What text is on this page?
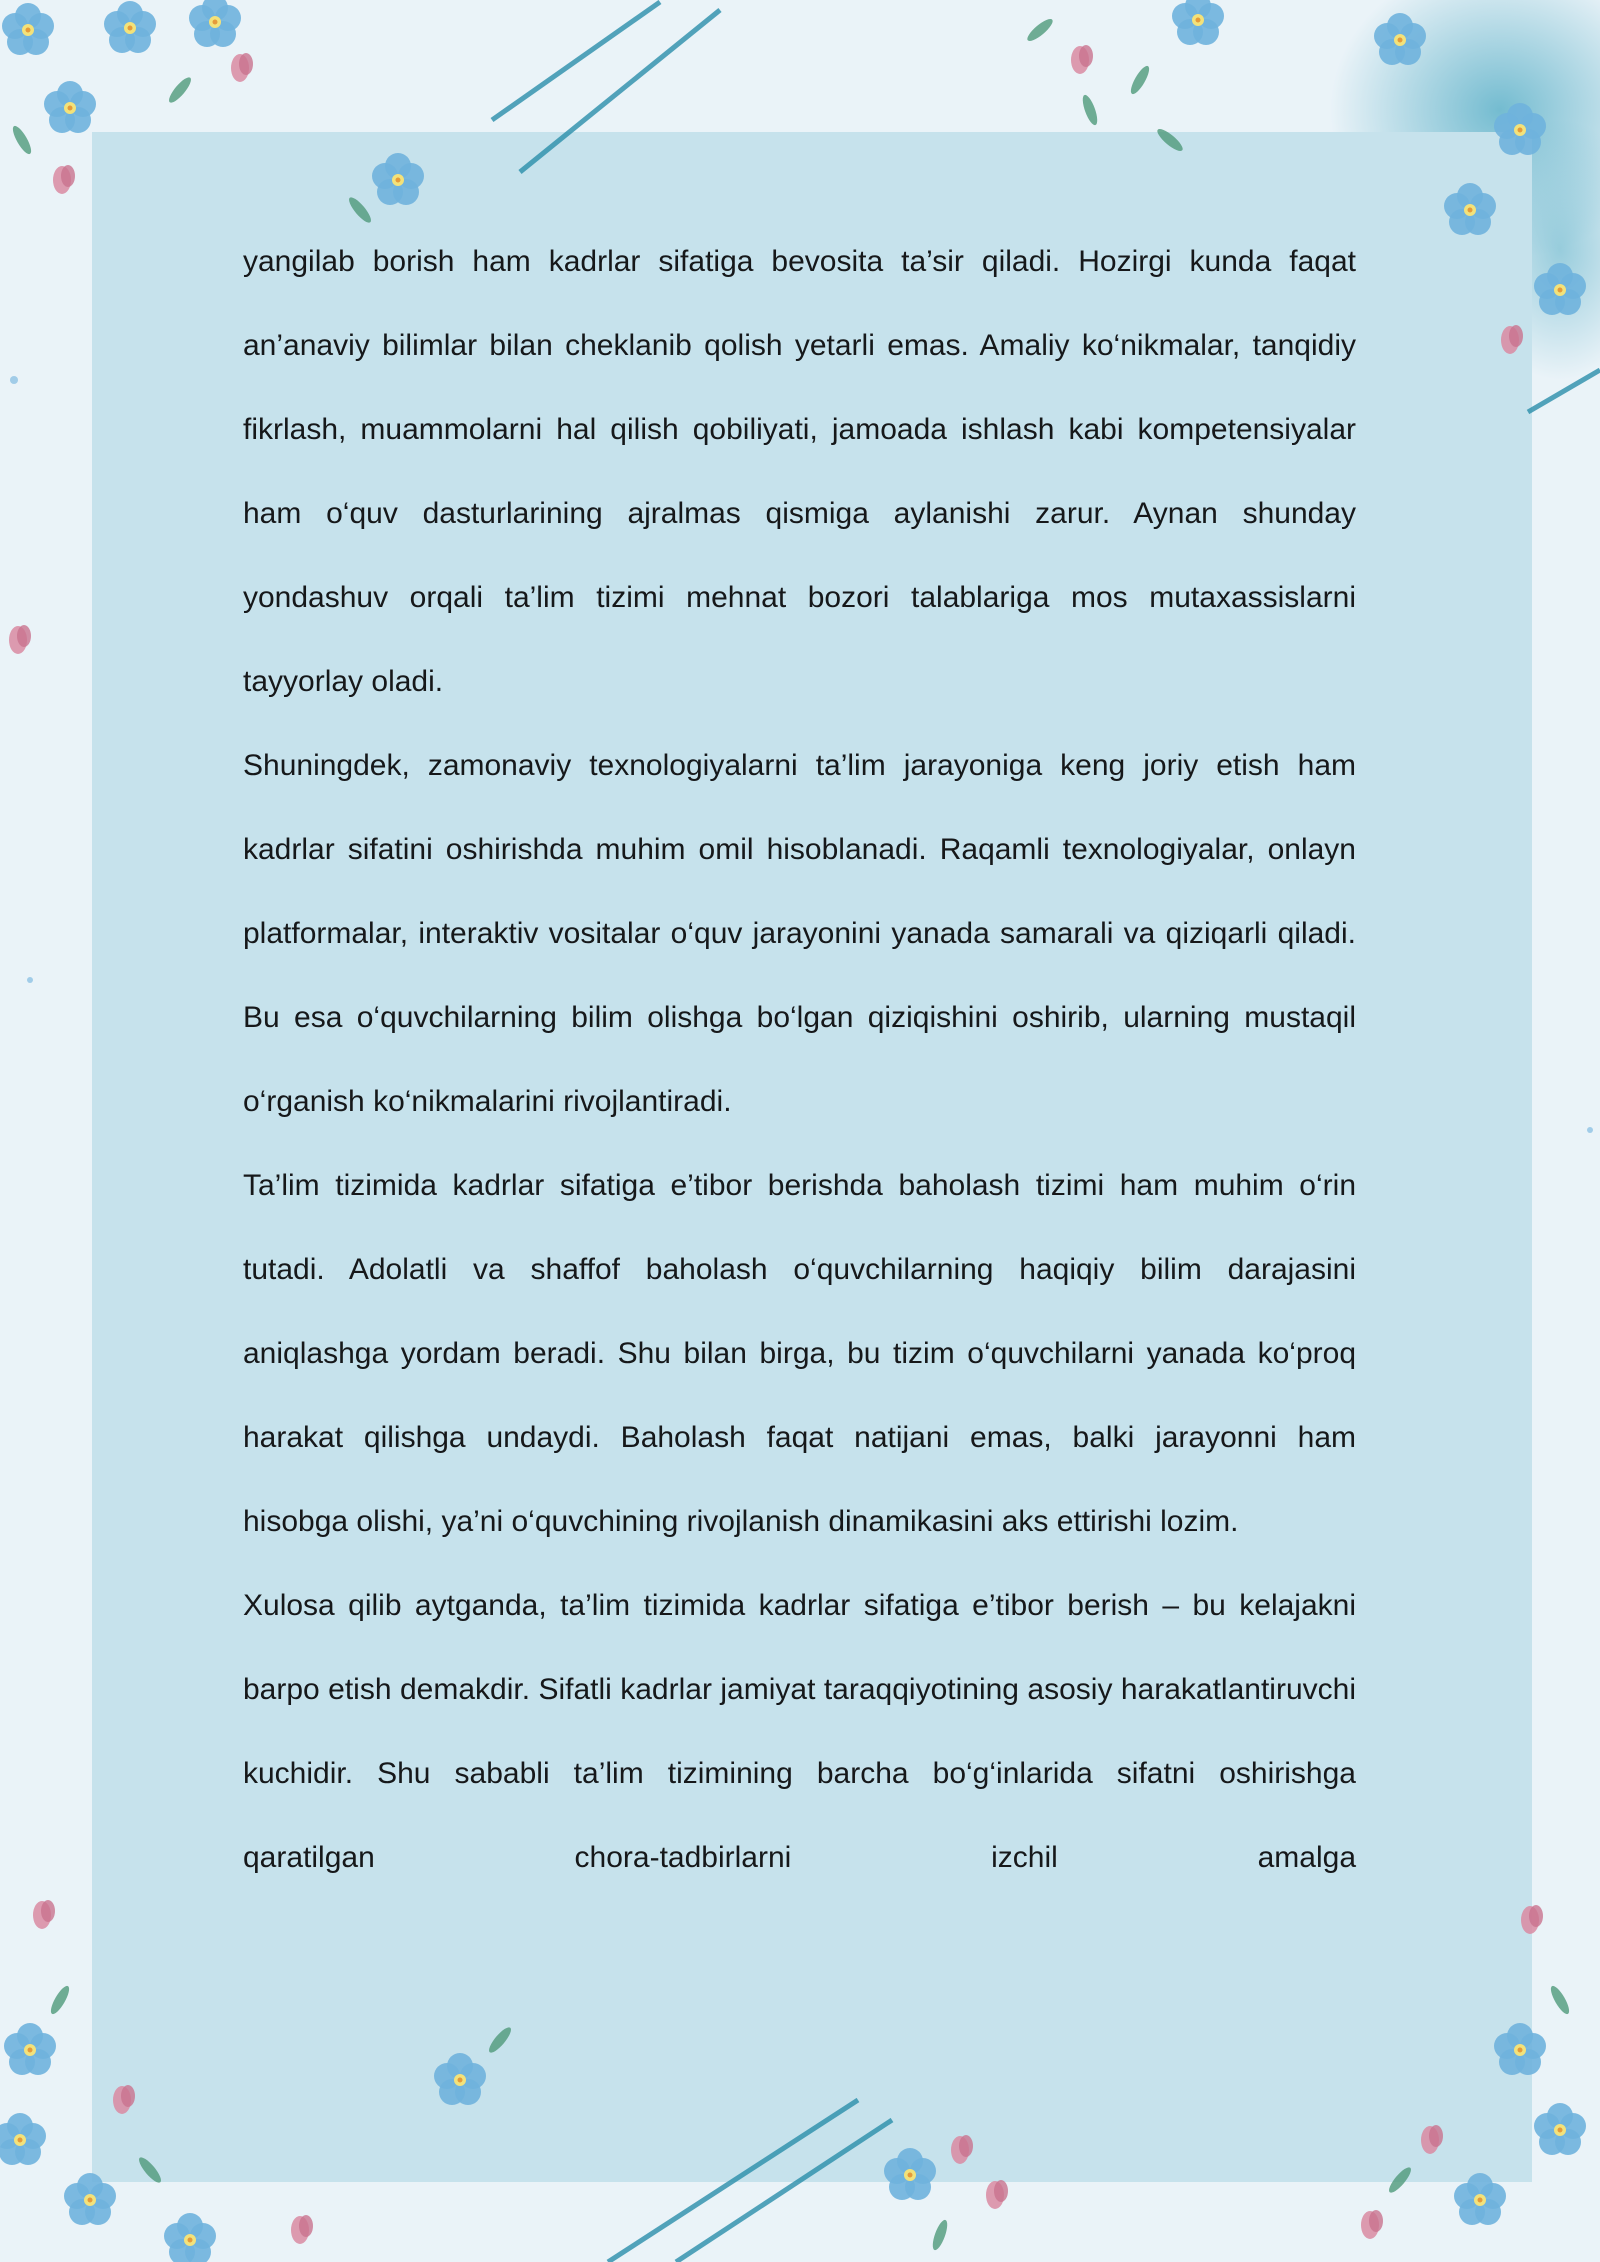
yangilab borish ham kadrlar sifatiga bevosita ta’sir qiladi. Hozirgi kunda faqat an’anaviy bilimlar bilan cheklanib qolish yetarli emas. Amaliy ko‘nikmalar, tanqidiy fikrlash, muammolarni hal qilish qobiliyati, jamoada ishlash kabi kompetensiyalar ham o‘quv dasturlarining ajralmas qismiga aylanishi zarur. Aynan shunday yondashuv orqali ta’lim tizimi mehnat bozori talablariga mos mutaxassislarni tayyorlay oladi.

Shuningdek, zamonaviy texnologiyalarni ta’lim jarayoniga keng joriy etish ham kadrlar sifatini oshirishda muhim omil hisoblanadi. Raqamli texnologiyalar, onlayn platformalar, interaktiv vositalar o‘quv jarayonini yanada samarali va qiziqarli qiladi. Bu esa o‘quvchilarning bilim olishga bo‘lgan qiziqishini oshirib, ularning mustaqil o‘rganish ko‘nikmalarini rivojlantiradi.

Ta’lim tizimida kadrlar sifatiga e’tibor berishda baholash tizimi ham muhim o‘rin tutadi. Adolatli va shaffof baholash o‘quvchilarning haqiqiy bilim darajasini aniqlashga yordam beradi. Shu bilan birga, bu tizim o‘quvchilarni yanada ko‘proq harakat qilishga undaydi. Baholash faqat natijani emas, balki jarayonni ham hisobga olishi, ya’ni o‘quvchining rivojlanish dinamikasini aks ettirishi lozim.

Xulosa qilib aytganda, ta’lim tizimida kadrlar sifatiga e’tibor berish – bu kelajakni barpo etish demakdir. Sifatli kadrlar jamiyat taraqqiyotining asosiy harakatlantiruvchi kuchidir. Shu sababli ta’lim tizimining barcha bo‘g‘inlarida sifatni oshirishga qaratilgan chora-tadbirlarni izchil amalga
